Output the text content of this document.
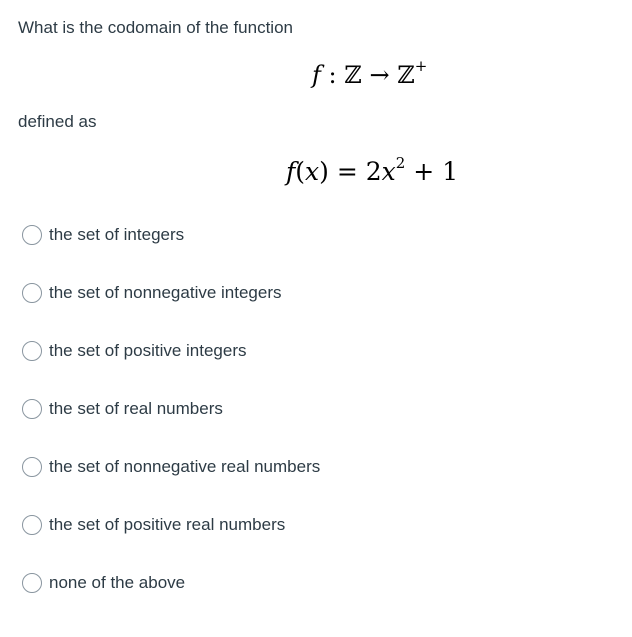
What is the codomain of the function
f : ℤ → ℤ+
defined as
$f(x) = 2x^2 + 1$
the set of integers
the set of nonnegative integers
the set of positive integers
the set of real numbers
the set of nonnegative real numbers
the set of positive real numbers
none of the above
